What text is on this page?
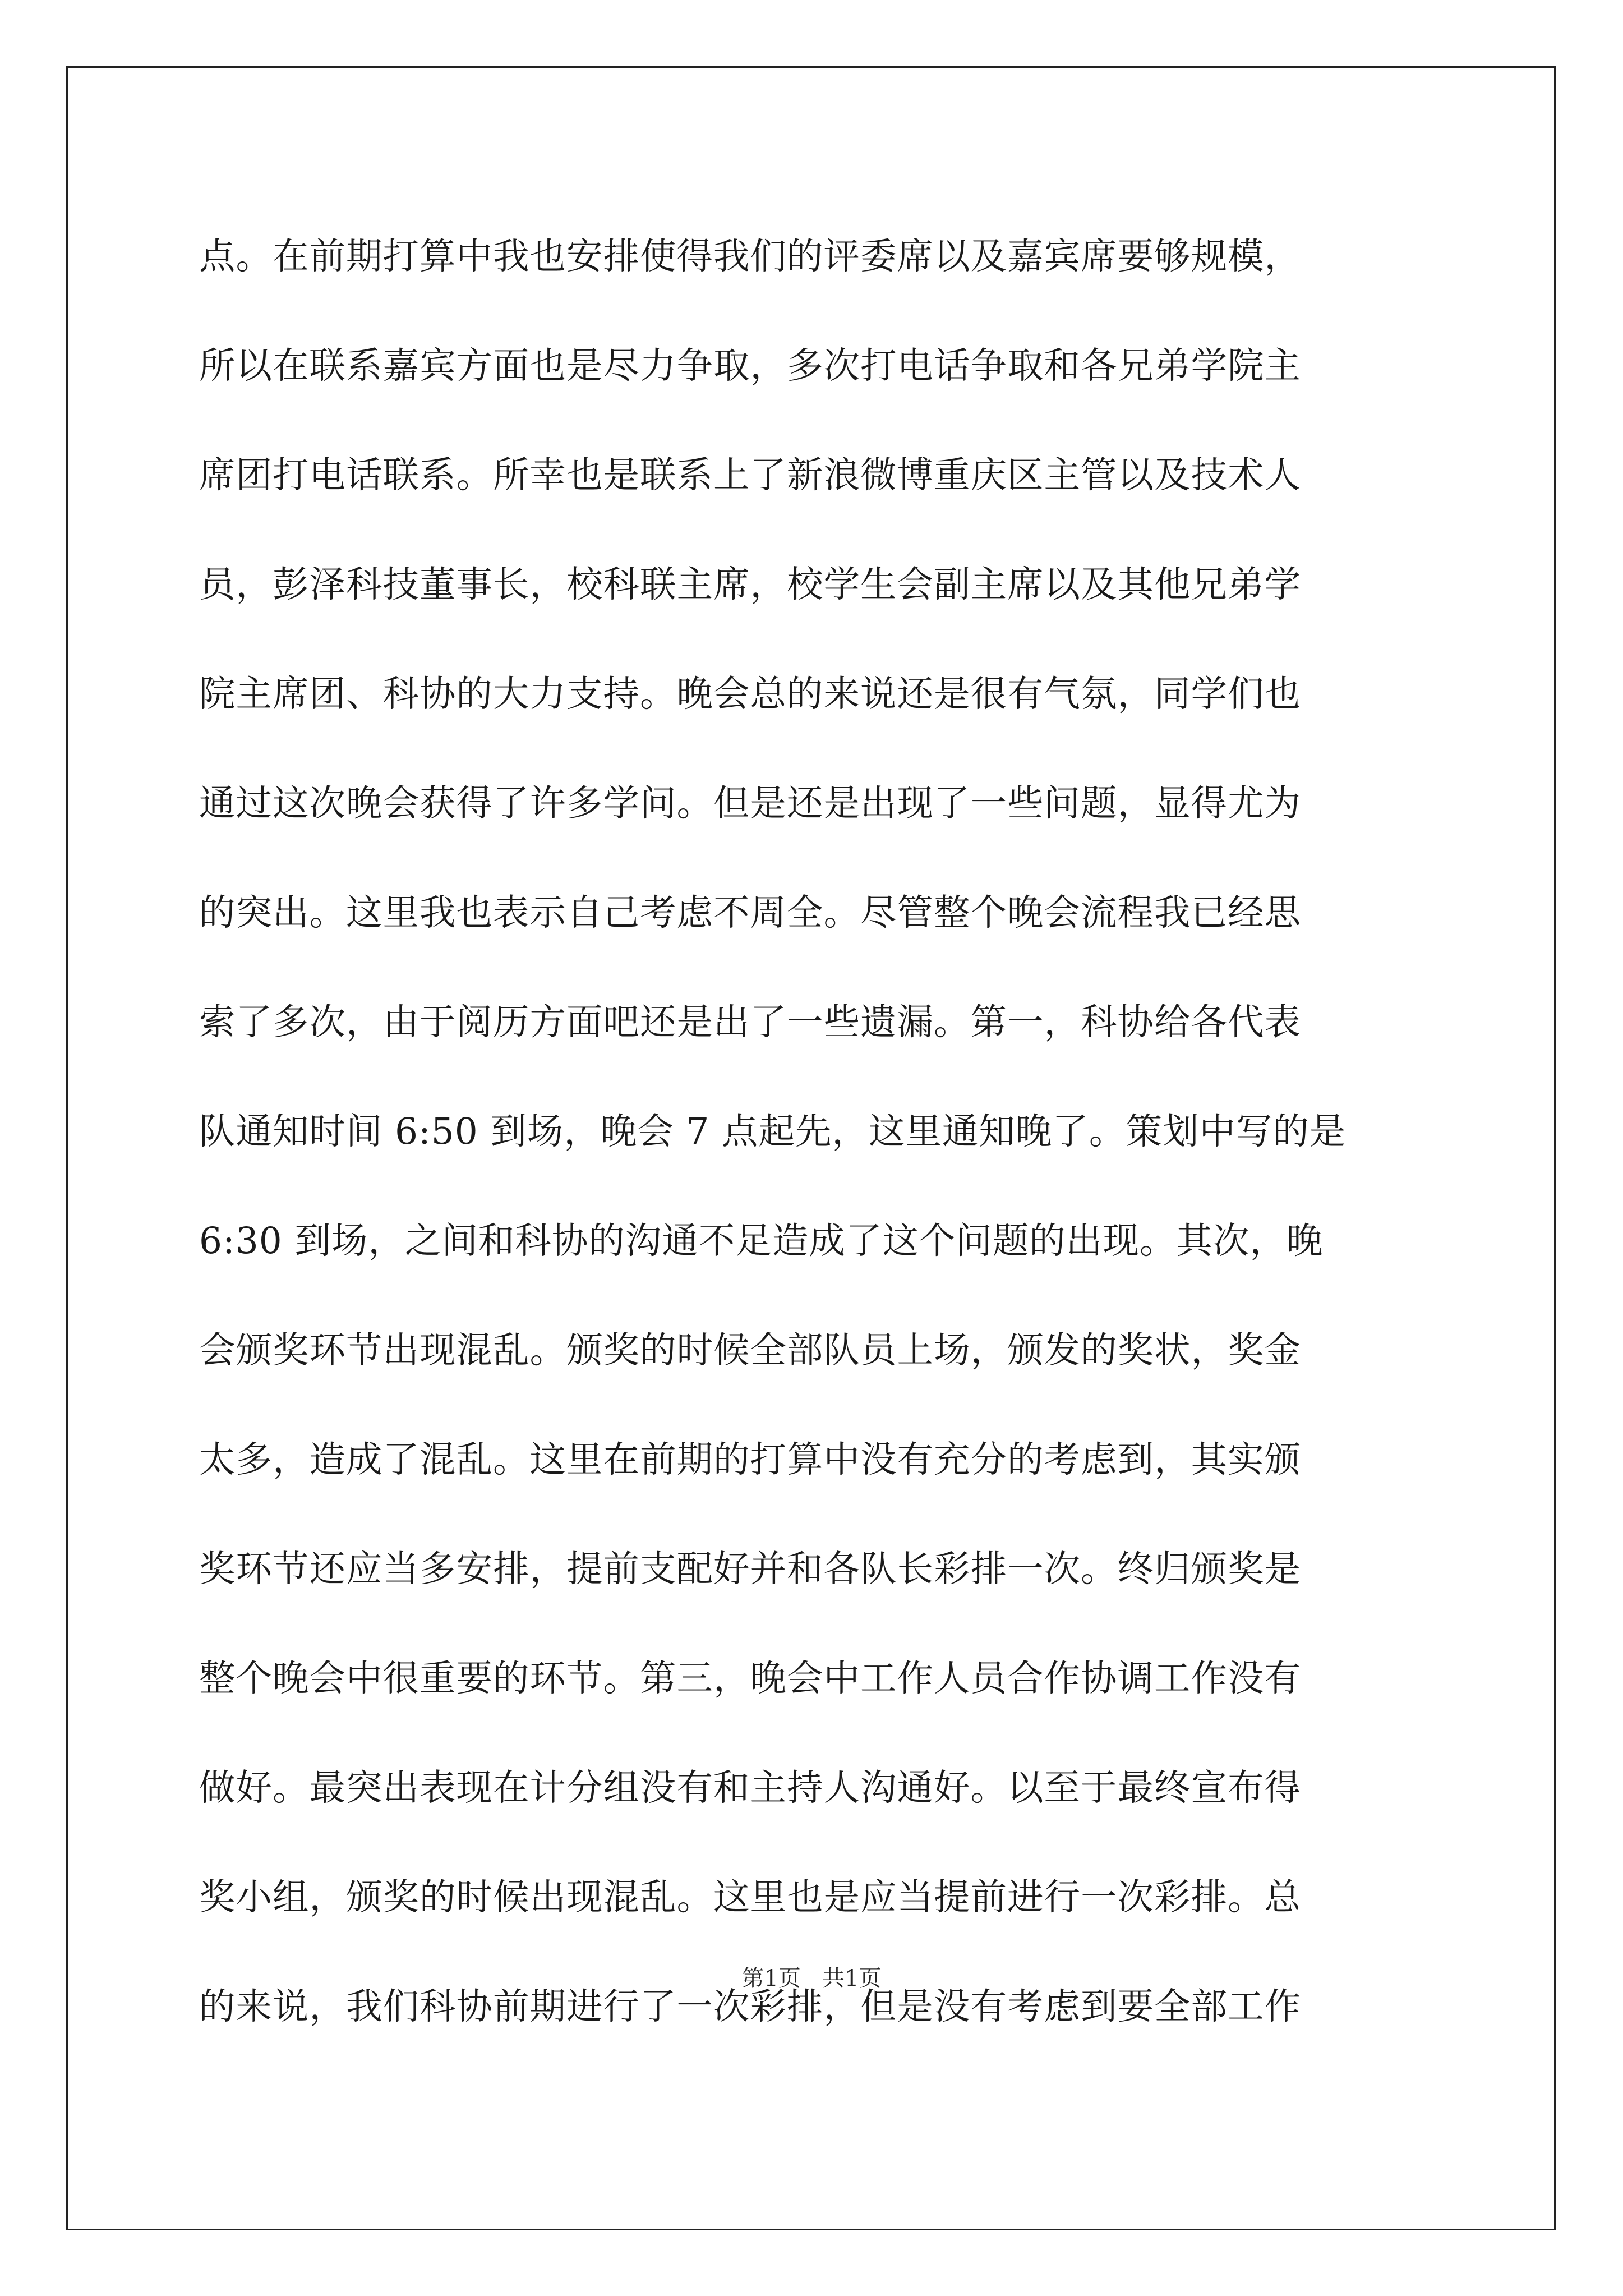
点。在前期打算中我也安排使得我们的评委席以及嘉宾席要够规模，
所以在联系嘉宾方面也是尽力争取，多次打电话争取和各兄弟学院主
席团打电话联系。所幸也是联系上了新浪微博重庆区主管以及技术人
员，彭泽科技董事长，校科联主席，校学生会副主席以及其他兄弟学
院主席团、科协的大力支持。晚会总的来说还是很有气氛，同学们也
通过这次晚会获得了许多学问。但是还是出现了一些问题，显得尤为
的突出。这里我也表示自己考虑不周全。尽管整个晚会流程我已经思
索了多次，由于阅历方面吧还是出了一些遗漏。第一，科协给各代表
队通知时间 6:50 到场，晚会 7 点起先，这里通知晚了。策划中写的是
6:30 到场，之间和科协的沟通不足造成了这个问题的出现。其次，晚
会颁奖环节出现混乱。颁奖的时候全部队员上场，颁发的奖状，奖金
太多，造成了混乱。这里在前期的打算中没有充分的考虑到，其实颁
奖环节还应当多安排，提前支配好并和各队长彩排一次。终归颁奖是
整个晚会中很重要的环节。第三，晚会中工作人员合作协调工作没有
做好。最突出表现在计分组没有和主持人沟通好。以至于最终宣布得
奖小组，颁奖的时候出现混乱。这里也是应当提前进行一次彩排。总
的来说，我们科协前期进行了一次彩排，但是没有考虑到要全部工作
第1页   共1页
